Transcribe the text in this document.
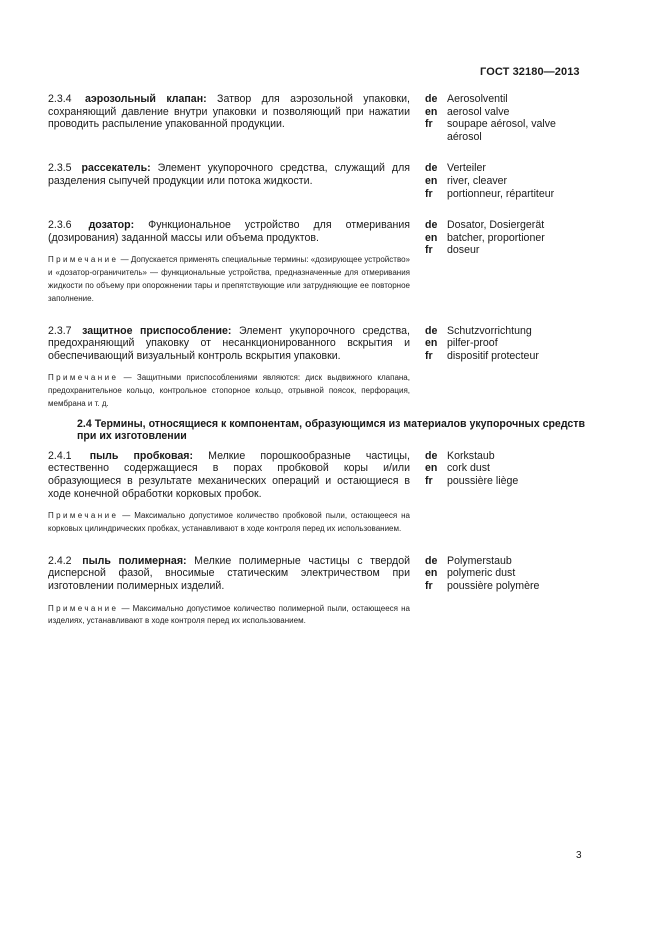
ГОСТ 32180—2013
2.3.4 аэрозольный клапан: Затвор для аэрозольной упаковки, сохраняющий давление внутри упаковки и позволяющий при нажатии проводить распыление упакованной продукции.
de Aerosolventil
en aerosol valve
fr	soupape aérosol, valve aérosol
2.3.5 рассекатель: Элемент укупорочного средства, служащий для разделения сыпучей продукции или потока жидкости.
de Verteiler
en river, cleaver
fr	portionneur, répartiteur
2.3.6 дозатор: Функциональное устройство для отмеривания (дозирования) заданной массы или объема продуктов.
Примечание — Допускается применять специальные термины: «дозирующее устройство» и «дозатор-ограничитель» — функциональные устройства, предназначенные для отмеривания жидкости по объему при опорожнении тары и препятствующие или затрудняющие ее повторное заполнение.
de Dosator, Dosiergerät
en batcher, proportioner
fr	doseur
2.3.7 защитное приспособление: Элемент укупорочного средства, предохраняющий упаковку от несанкционированного вскрытия и обеспечивающий визуальный контроль вскрытия упаковки.
Примечание — Защитными приспособлениями являются: диск выдвижного клапана, предохранительное кольцо, контрольное стопорное кольцо, отрывной поясок, перфорация, мембрана и т. д.
de Schutzvorrichtung
en pilfer-proof
fr	dispositif protecteur
2.4 Термины, относящиеся к компонентам, образующимся из материалов укупорочных средств при их изготовлении
2.4.1 пыль пробковая: Мелкие порошкообразные частицы, естественно содержащиеся в порах пробковой коры и/или образующиеся в результате механических операций и остающиеся в ходе конечной обработки корковых пробок.
Примечание — Максимально допустимое количество пробковой пыли, остающееся на корковых цилиндрических пробках, устанавливают в ходе контроля перед их использованием.
de Korkstaub
en cork dust
fr	poussière liège
2.4.2 пыль полимерная: Мелкие полимерные частицы с твердой дисперсной фазой, вносимые статическим электричеством при изготовлении полимерных изделий.
Примечание — Максимально допустимое количество полимерной пыли, остающееся на изделиях, устанавливают в ходе контроля перед их использованием.
de Polymerstaub
en polymeric dust
fr	poussière polymère
3
